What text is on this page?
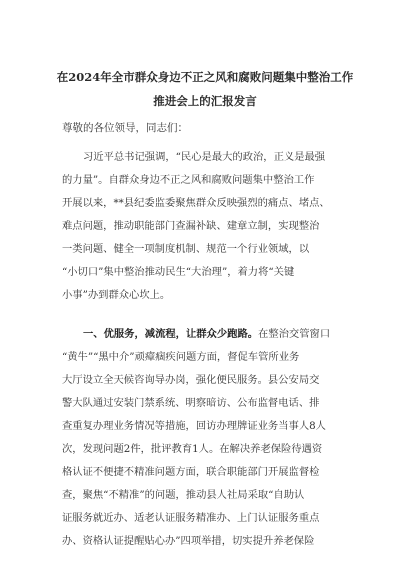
在2024年全市群众身边不正之风和腐败问题集中整治工作

推进会上的汇报发言

尊敬的各位领导，同志们：

习近平总书记强调，“民心是最大的政治，正义是最强
的力量”。自群众身边不正之风和腐败问题集中整治工作
开展以来，**县纪委监委聚焦群众反映强烈的痛点、堵点、
难点问题，推动职能部门查漏补缺、建章立制，实现整治
一类问题、健全一项制度机制、规范一个行业领域，以
“小切口”集中整治推动民生“大治理”，着力将“关键
小事”办到群众心坎上。
一、优服务，减流程，让群众少跑路。在整治交管窗口
“黄牛”“黑中介”顽瘴痼疾问题方面，督促车管所业务
大厅设立全天候咨询导办岗，强化便民服务。县公安局交
警大队通过安装门禁系统、明察暗访、公布监督电话、排
查重复办理业务情况等措施，回访办理牌证业务当事人8人
次，发现问题2件，批评教育1人。在解决养老保险待遇资
格认证不便捷不精准问题方面，联合职能部门开展监督检
查，聚焦“不精准”的问题，推动县人社局采取“自助认
证服务就近办、适老认证服务精准办、上门认证服务重点
办、资格认证提醒贴心办”四项举措，切实提升养老保险
